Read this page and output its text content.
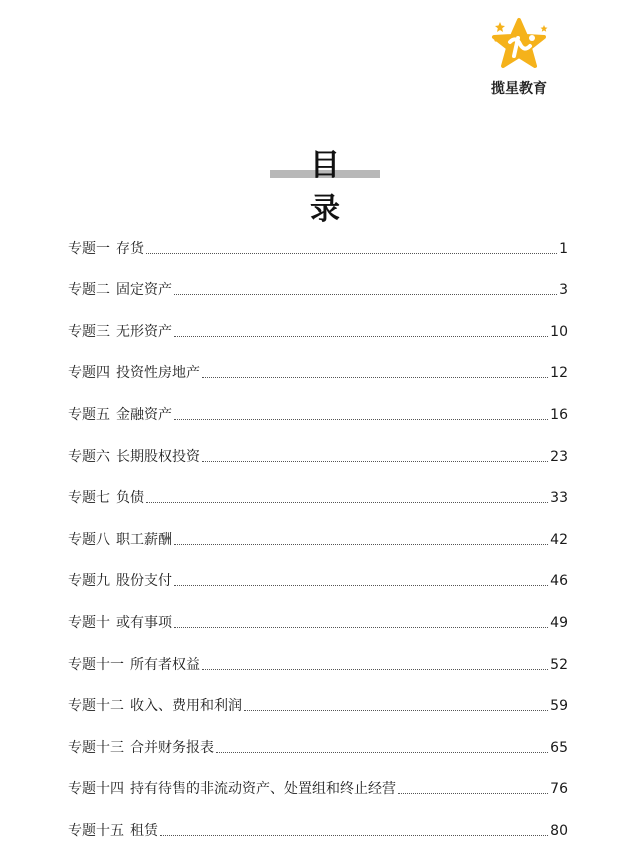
揽星教育
目录
专题一 存货	1
专题二 固定资产	3
专题三 无形资产	10
专题四 投资性房地产	12
专题五 金融资产	16
专题六 长期股权投资	23
专题七 负债	33
专题八 职工薪酬	42
专题九 股份支付	46
专题十 或有事项	49
专题十一 所有者权益	52
专题十二 收入、费用和利润	59
专题十三 合并财务报表	65
专题十四 持有待售的非流动资产、处置组和终止经营	76
专题十五 租赁	80
